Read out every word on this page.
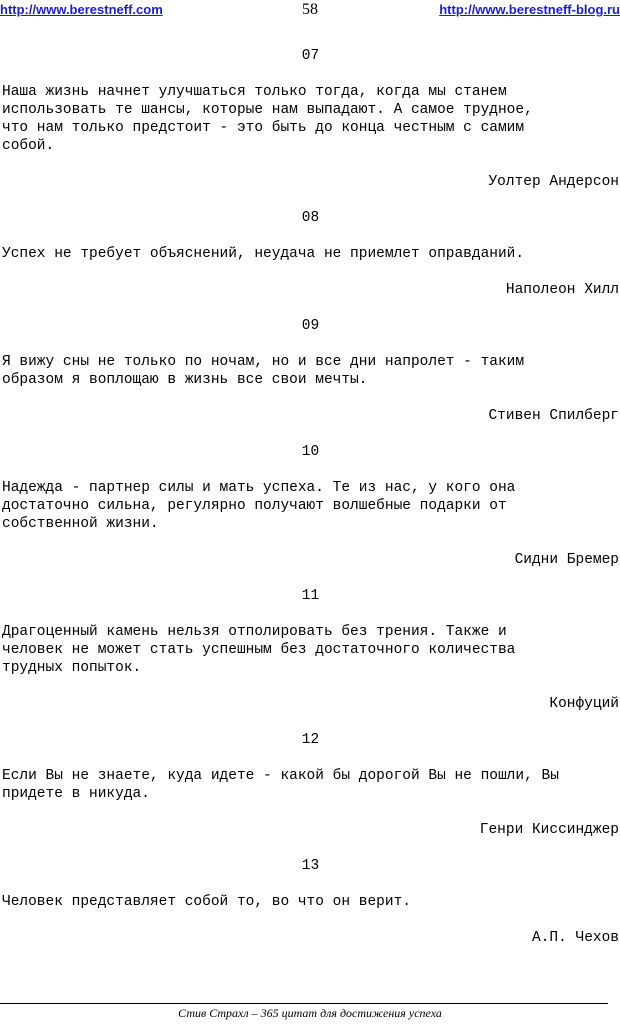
http://www.berestneff.com	58	http://www.berestneff-blog.ru
07
Наша жизнь начнет улучшаться только тогда, когда мы станем
использовать те шансы, которые нам выпадают. А самое трудное,
что нам только предстоит - это быть до конца честным с самим
собой.
Уолтер Андерсон
08
Успех не требует объяснений, неудача не приемлет оправданий.
Наполеон Хилл
09
Я вижу сны не только по ночам, но и все дни напролет - таким
образом я воплощаю в жизнь все свои мечты.
Стивен Спилберг
10
Надежда - партнер силы и мать успеха. Те из нас, у кого она
достаточно сильна, регулярно получают волшебные подарки от
собственной жизни.
Сидни Бремер
11
Драгоценный камень нельзя отполировать без трения. Также и
человек не может стать успешным без достаточного количества
трудных попыток.
Конфуций
12
Если Вы не знаете, куда идете - какой бы дорогой Вы не пошли, Вы
придете в никуда.
Генри Киссинджер
13
Человек представляет собой то, во что он верит.
А.П. Чехов
Стив Страхл – 365 цитат для достижения успеха
